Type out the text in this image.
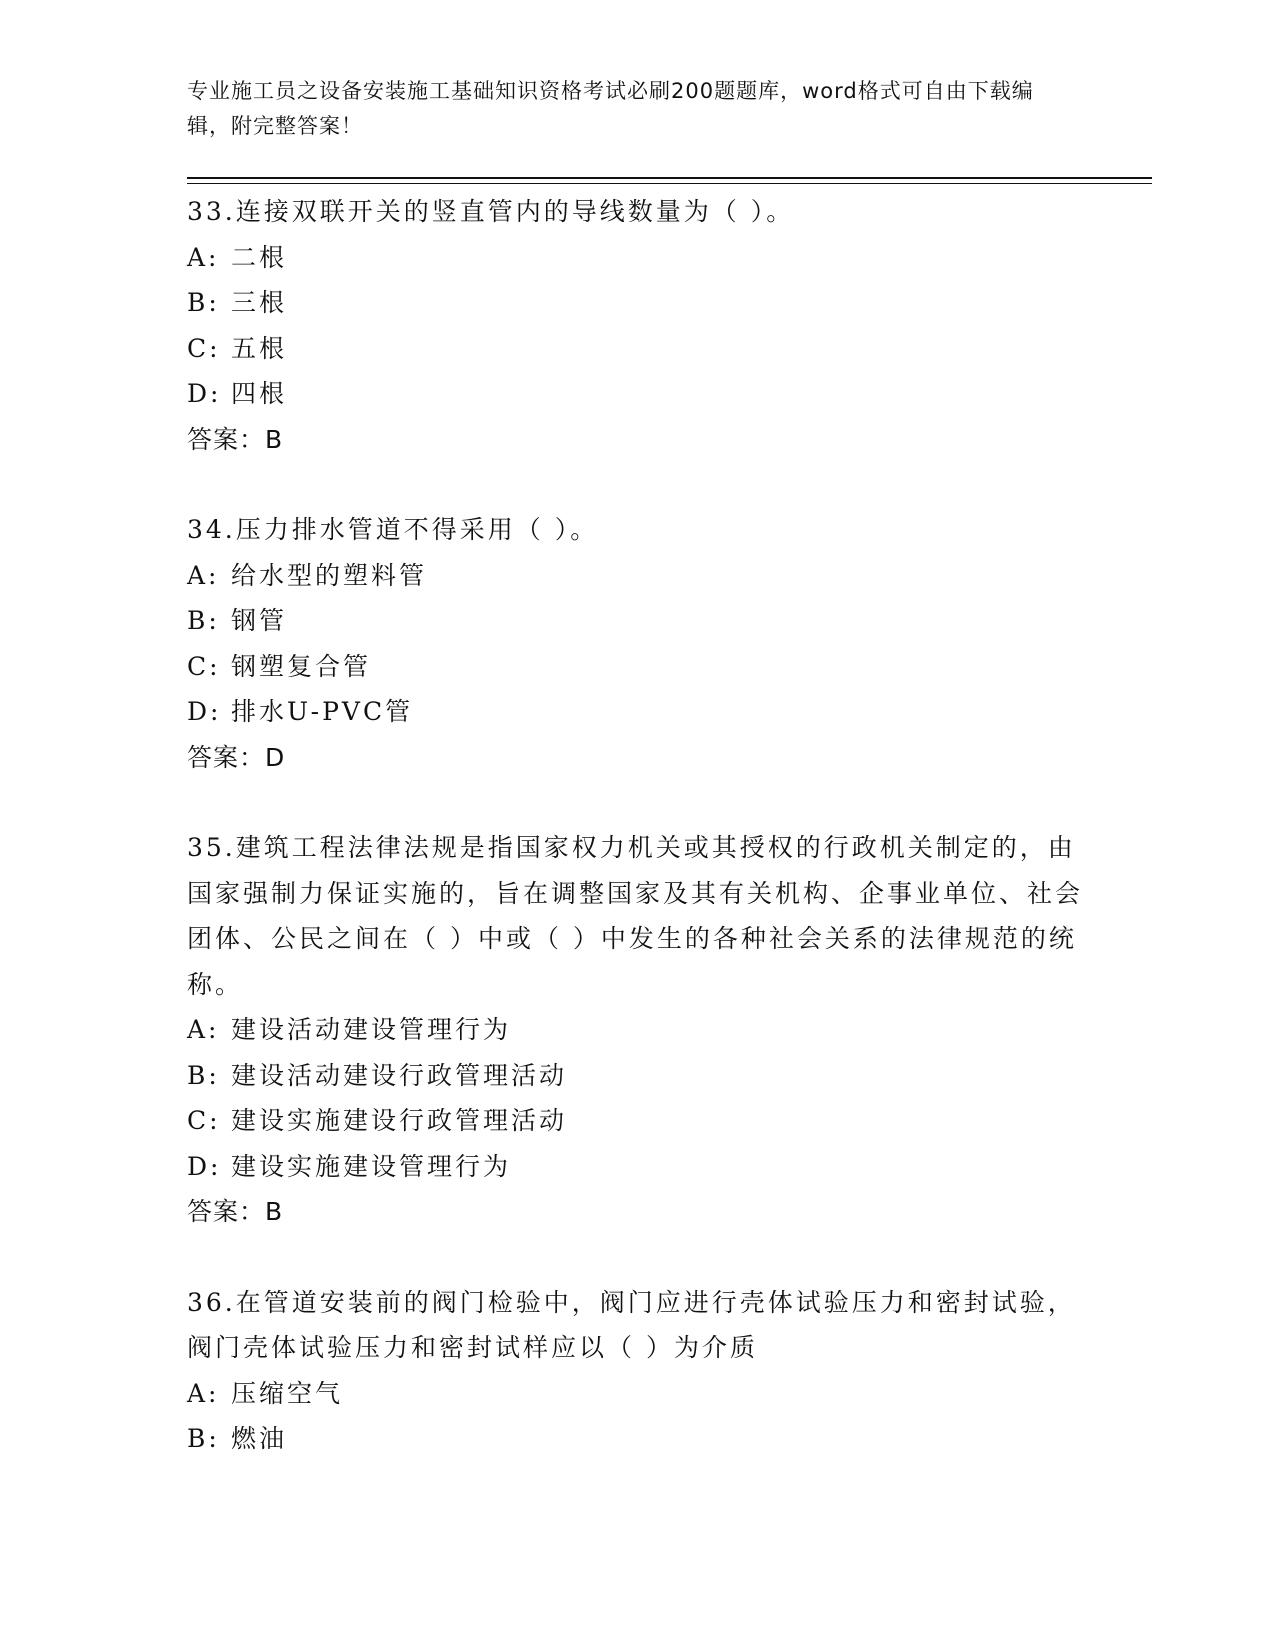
专业施工员之设备安装施工基础知识资格考试必刷200题题库，word格式可自由下载编辑，附完整答案！

33.连接双联开关的竖直管内的导线数量为（ ）。

A: 二根
B: 三根
C: 五根
D: 四根

答案：B

34.压力排水管道不得采用（ ）。

A: 给水型的塑料管
B: 钢管
C: 钢塑复合管
D: 排水U-PVC管

答案：D

35.建筑工程法律法规是指国家权力机关或其授权的行政机关制定的，由国家强制力保证实施的，旨在调整国家及其有关机构、企事业单位、社会团体、公民之间在（ ）中或（ ）中发生的各种社会关系的法律规范的统称。

A: 建设活动建设管理行为
B: 建设活动建设行政管理活动
C: 建设实施建设行政管理活动
D: 建设实施建设管理行为

答案：B

36.在管道安装前的阀门检验中，阀门应进行壳体试验压力和密封试验，阀门壳体试验压力和密封试样应以（ ）为介质

A: 压缩空气
B: 燃油
